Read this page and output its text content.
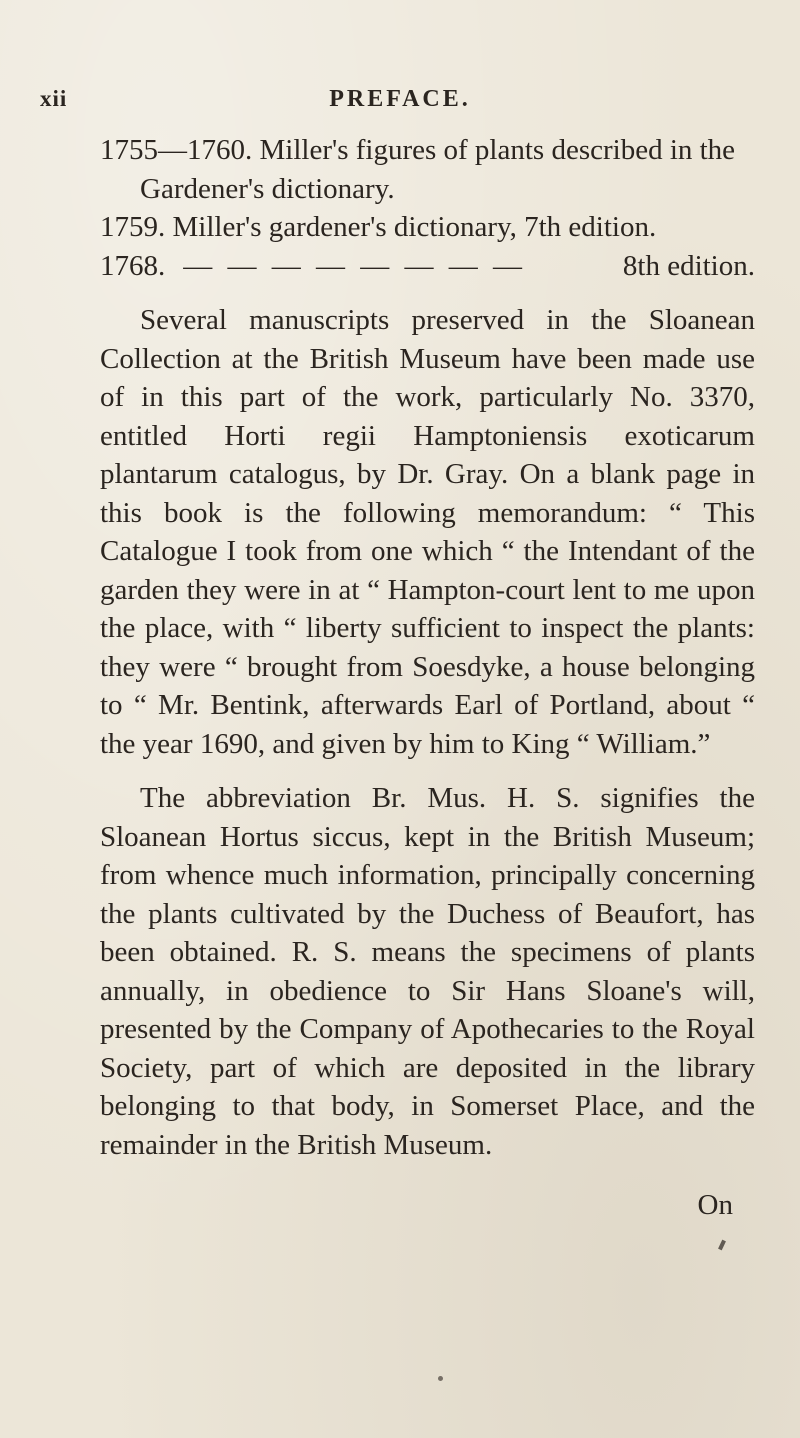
xii	PREFACE.
1755—1760. Miller's figures of plants described in the
Gardener's dictionary.
1759. Miller's gardener's dictionary, 7th edition.
1768. — — — — — — — —	8th edition.

Several manuscripts preserved in the Sloanean Collection at the British Museum have been made use of in this part of the work, particularly No. 3370, entitled Horti regii Hamptoniensis exoticarum plantarum catalogus, by Dr. Gray. On a blank page in this book is the following memorandum: “ This Catalogue I took from one which “ the Intendant of the garden they were in at “ Hampton-court lent to me upon the place, with “ liberty sufficient to inspect the plants: they were “ brought from Soesdyke, a house belonging to “ Mr. Bentink, afterwards Earl of Portland, about “ the year 1690, and given by him to King “ William.”

The abbreviation Br. Mus. H. S. signifies the Sloanean Hortus siccus, kept in the British Museum; from whence much information, principally concerning the plants cultivated by the Duchess of Beaufort, has been obtained. R. S. means the specimens of plants annually, in obedience to Sir Hans Sloane's will, presented by the Company of Apothecaries to the Royal Society, part of which are deposited in the library belonging to that body, in Somerset Place, and the remainder in the British Museum.

On
